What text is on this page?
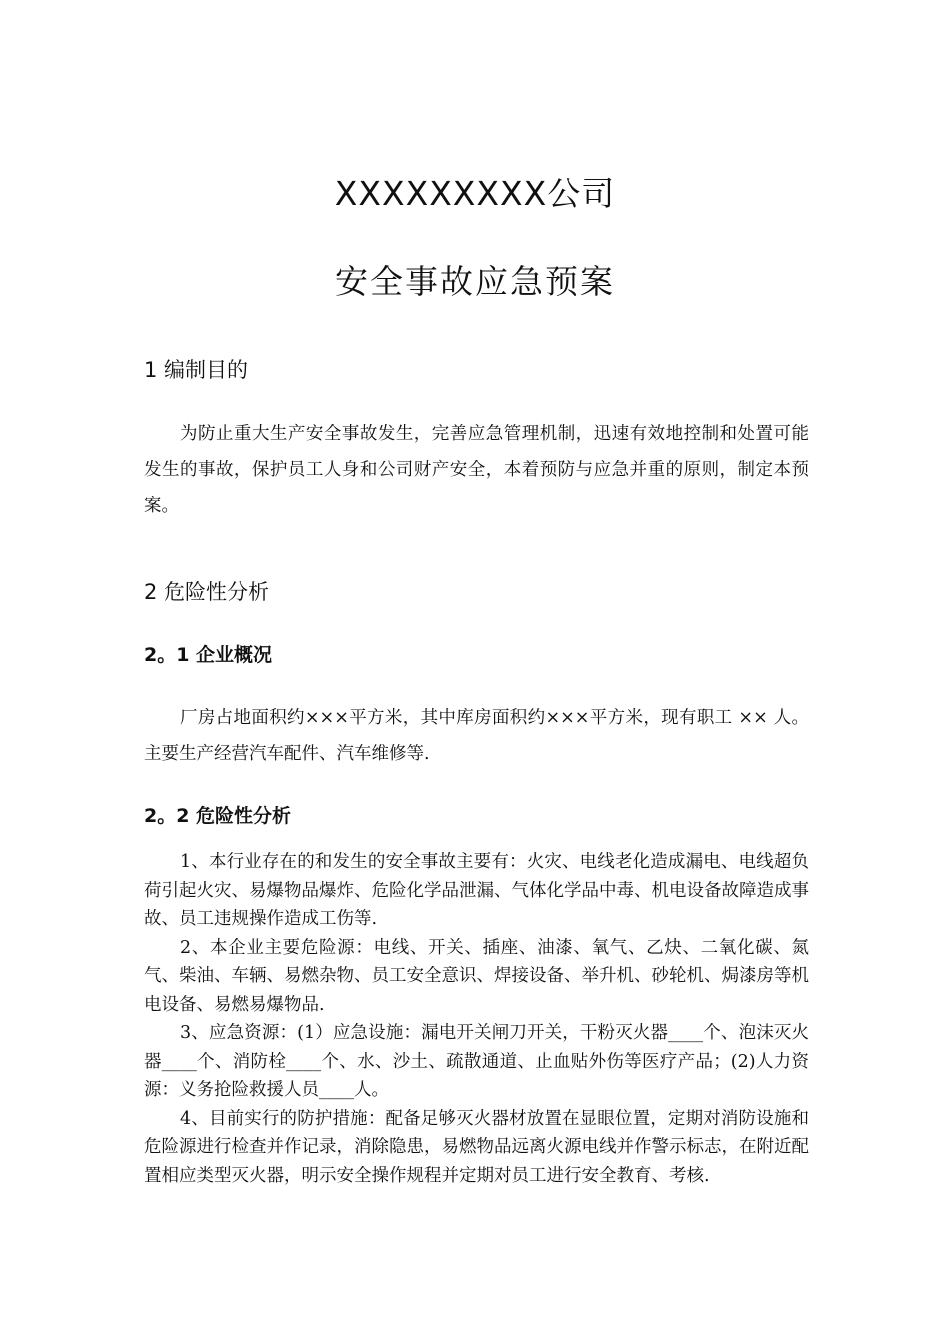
XXXXXXXXX公司
安全事故应急预案
1 编制目的

为防止重大生产安全事故发生，完善应急管理机制，迅速有效地控制和处置可能发生的事故，保护员工人身和公司财产安全，本着预防与应急并重的原则，制定本预案。

2 危险性分析
2。1 企业概况

厂房占地面积约×××平方米，其中库房面积约×××平方米，现有职工 ×× 人。主要生产经营汽车配件、汽车维修等.

2。2 危险性分析

1、本行业存在的和发生的安全事故主要有：火灾、电线老化造成漏电、电线超负荷引起火灾、易爆物品爆炸、危险化学品泄漏、气体化学品中毒、机电设备故障造成事故、员工违规操作造成工伤等.

2、本企业主要危险源：电线、开关、插座、油漆、氧气、乙炔、二氧化碳、氮气、柴油、车辆、易燃杂物、员工安全意识、焊接设备、举升机、砂轮机、焗漆房等机电设备、易燃易爆物品.

3、应急资源：(1）应急设施：漏电开关闸刀开关，干粉灭火器____个、泡沫灭火器____个、消防栓____个、水、沙土、疏散通道、止血贴外伤等医疗产品；(2)人力资源：义务抢险救援人员____人。

4、目前实行的防护措施：配备足够灭火器材放置在显眼位置，定期对消防设施和危险源进行检查并作记录，消除隐患，易燃物品远离火源电线并作警示标志，在附近配置相应类型灭火器，明示安全操作规程并定期对员工进行安全教育、考核.
